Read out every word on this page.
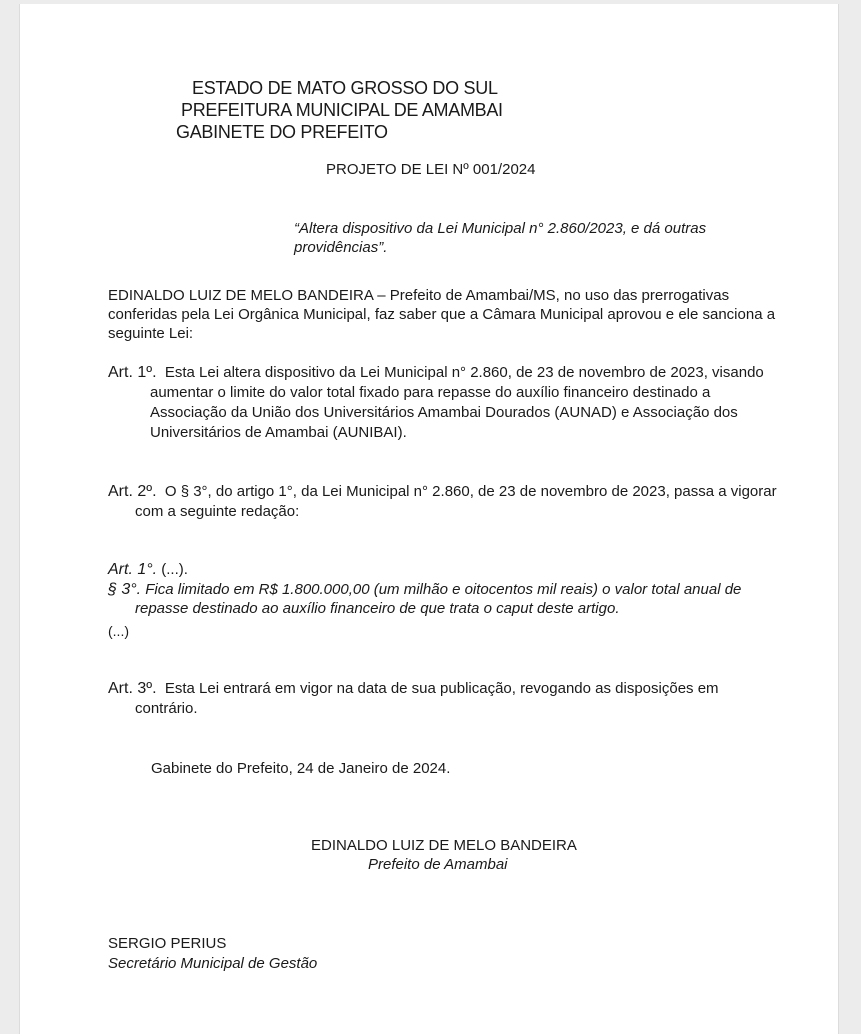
ESTADO DE MATO GROSSO DO SUL
PREFEITURA MUNICIPAL DE AMAMBAI
GABINETE DO PREFEITO
PROJETO DE LEI Nº 001/2024
“Altera dispositivo da Lei Municipal n° 2.860/2023, e dá outras
providências”.
EDINALDO LUIZ DE MELO BANDEIRA – Prefeito de Amambai/MS, no uso das prerrogativas
conferidas pela Lei Orgânica Municipal, faz saber que a Câmara Municipal aprovou e ele sanciona a
seguinte Lei:
Art. 1º. Esta Lei altera dispositivo da Lei Municipal n° 2.860, de 23 de novembro de 2023, visando
aumentar o limite do valor total fixado para repasse do auxílio financeiro destinado a
Associação da União dos Universitários Amambai Dourados (AUNAD) e Associação dos
Universitários de Amambai (AUNIBAI).
Art. 2º. O § 3°, do artigo 1°, da Lei Municipal n° 2.860, de 23 de novembro de 2023, passa a vigorar
com a seguinte redação:
Art. 1°. (...).
§ 3°. Fica limitado em R$ 1.800.000,00 (um milhão e oitocentos mil reais) o valor total anual de
repasse destinado ao auxílio financeiro de que trata o caput deste artigo.
(...)
Art. 3º. Esta Lei entrará em vigor na data de sua publicação, revogando as disposições em
contrário.
Gabinete do Prefeito, 24 de Janeiro de 2024.
EDINALDO LUIZ DE MELO BANDEIRA
Prefeito de Amambai
SERGIO PERIUS
Secretário Municipal de Gestão
